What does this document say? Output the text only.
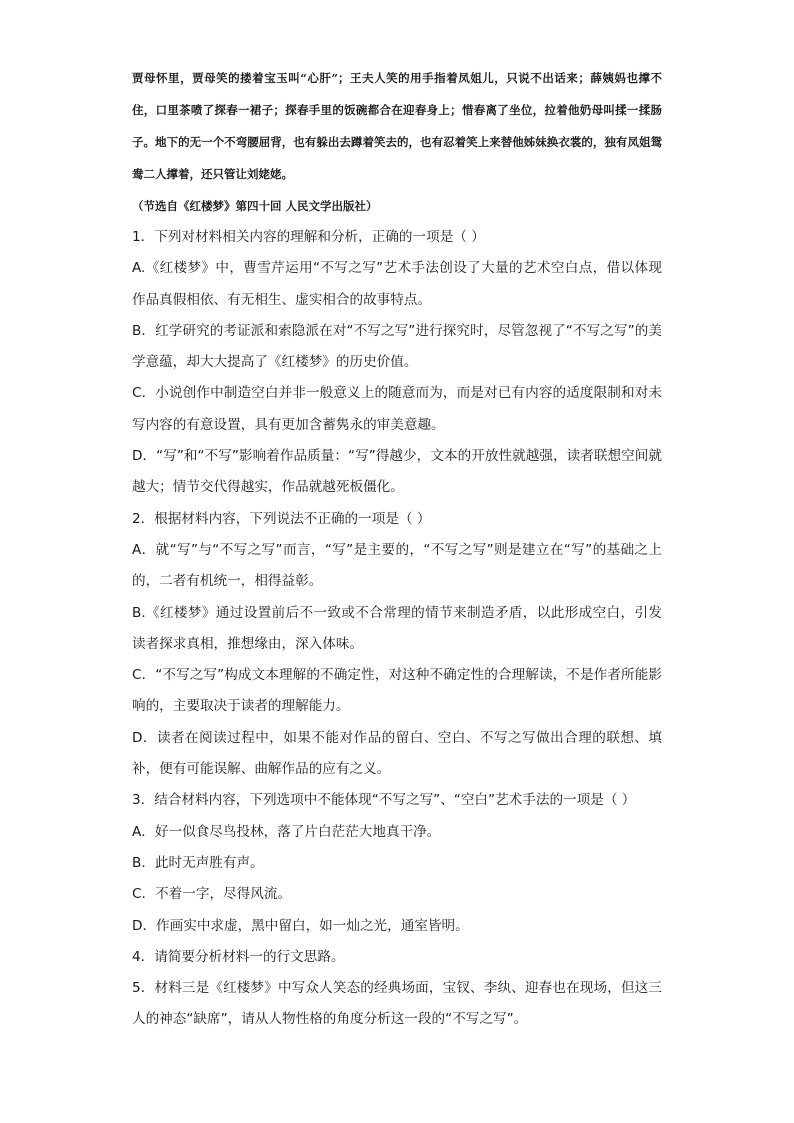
贾母怀里，贾母笑的搂着宝玉叫“心肝”；王夫人笑的用手指着凤姐儿，只说不出话来；薛姨妈也撑不住，口里茶喷了探春一裙子；探春手里的饭碗都合在迎春身上；惜春离了坐位，拉着他奶母叫揉一揉肠子。地下的无一个不弯腰屈背，也有躲出去蹲着笑去的，也有忍着笑上来替他姊妹换衣裳的，独有凤姐鸳鸯二人撑着，还只管让刘姥姥。

（节选自《红楼梦》第四十回 人民文学出版社）

1．下列对材料相关内容的理解和分析，正确的一项是（ ）

A.《红楼梦》中，曹雪芹运用“不写之写”艺术手法创设了大量的艺术空白点，借以体现作品真假相依、有无相生、虚实相合的故事特点。

B．红学研究的考证派和索隐派在对“不写之写”进行探究时，尽管忽视了“不写之写”的美学意蕴，却大大提高了《红楼梦》的历史价值。

C．小说创作中制造空白并非一般意义上的随意而为，而是对已有内容的适度限制和对未写内容的有意设置，具有更加含蓄隽永的审美意趣。

D．“写”和“不写”影响着作品质量：“写”得越少，文本的开放性就越强，读者联想空间就越大；情节交代得越实，作品就越死板僵化。

2．根据材料内容，下列说法不正确的一项是（ ）

A．就“写”与“不写之写”而言，“写”是主要的，“不写之写”则是建立在“写”的基础之上的，二者有机统一，相得益彰。

B.《红楼梦》通过设置前后不一致或不合常理的情节来制造矛盾，以此形成空白，引发读者探求真相，推想缘由，深入体味。

C．“不写之写”构成文本理解的不确定性，对这种不确定性的合理解读，不是作者所能影响的，主要取决于读者的理解能力。

D．读者在阅读过程中，如果不能对作品的留白、空白、不写之写做出合理的联想、填补，便有可能误解、曲解作品的应有之义。

3．结合材料内容，下列选项中不能体现“不写之写”、“空白”艺术手法的一项是（ ）

A．好一似食尽鸟投林，落了片白茫茫大地真干净。

B．此时无声胜有声。

C．不着一字，尽得风流。

D．作画实中求虚，黑中留白，如一灿之光，通室皆明。

4．请简要分析材料一的行文思路。

5．材料三是《红楼梦》中写众人笑态的经典场面，宝钗、李纨、迎春也在现场，但这三人的神态“缺席”，请从人物性格的角度分析这一段的“不写之写”。
